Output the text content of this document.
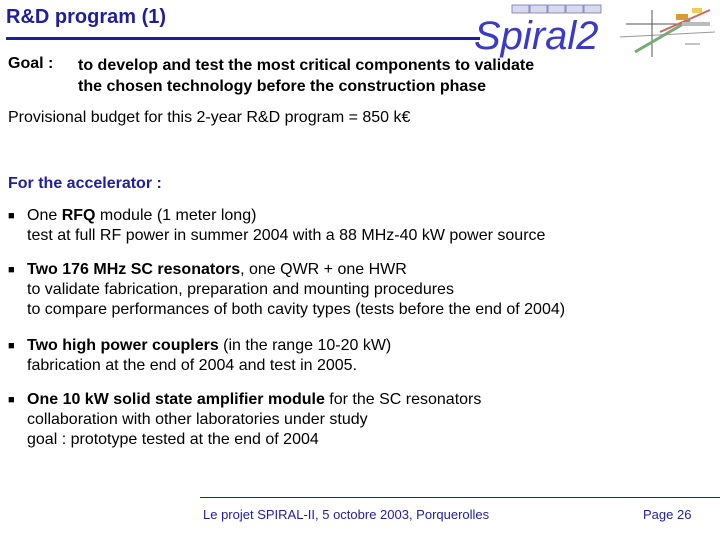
R&D program (1)	Spiral2
Goal : to develop and test the most critical components to validate
the chosen technology before the construction phase
Provisional budget for this 2-year R&D program = 850 k€
For the accelerator :
■ One RFQ module (1 meter long)
test at full RF power in summer 2004 with a 88 MHz-40 kW power source
■ Two 176 MHz SC resonators, one QWR + one HWR
to validate fabrication, preparation and mounting procedures
to compare performances of both cavity types (tests before the end of 2004)
■ Two high power couplers (in the range 10-20 kW)
fabrication at the end of 2004 and test in 2005.
■ One 10 kW solid state amplifier module for the SC resonators
collaboration with other laboratories under study
goal : prototype tested at the end of 2004
Le projet SPIRAL-II, 5 octobre 2003, Porquerolles	Page 26
